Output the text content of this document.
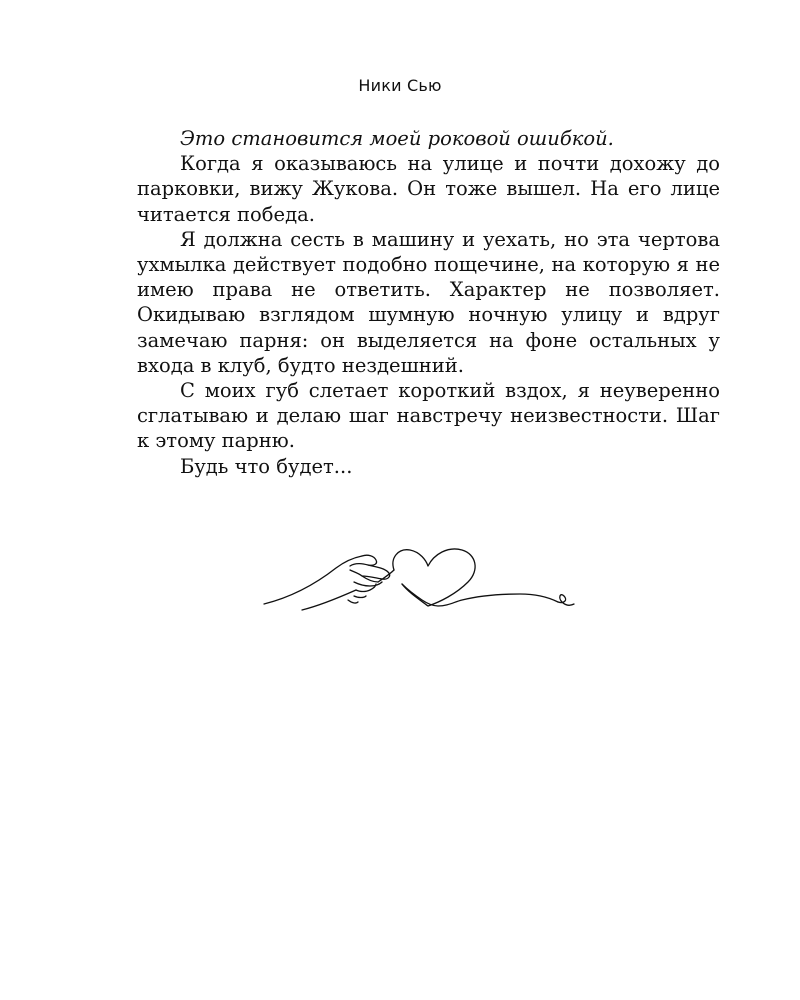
Ники Сью

Это становится моей роковой ошибкой.

Когда я оказываюсь на улице и почти дохожу до парковки, вижу Жукова. Он тоже вышел. На его лице читается победа.

Я должна сесть в машину и уехать, но эта чертова ухмылка действует подобно пощечине, на которую я не имею права не ответить. Характер не позволяет. Окидываю взглядом шумную ночную улицу и вдруг замечаю парня: он выделяется на фоне остальных у входа в клуб, будто нездешний.

С моих губ слетает короткий вздох, я неуверенно сглатываю и делаю шаг навстречу неизвестности. Шаг к этому парню.

Будь что будет...
